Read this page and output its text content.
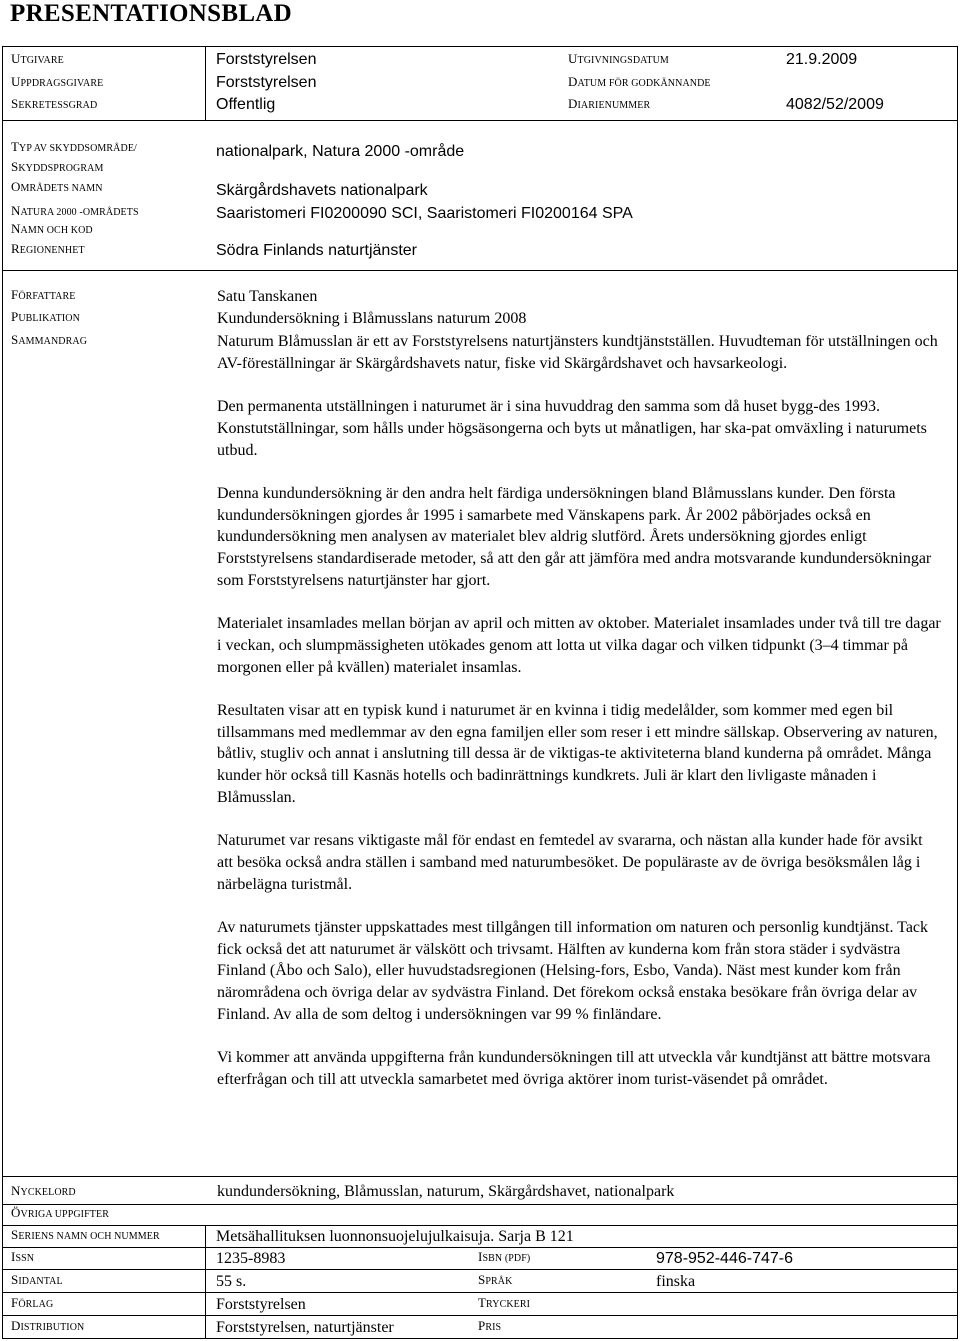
PRESENTATIONSBLAD
UTGIVARE	Forststyrelsen	UTGIVNINGSDATUM	21.9.2009
UPPDRAGSGIVARE	Forststyrelsen	DATUM FÖR GODKÄNNANDE
SEKRETESSGRAD	Offentlig	DIARIENUMMER	4082/52/2009
TYP AV SKYDDSOMRÅDE/
SKYDDSPROGRAM
nationalpark, Natura 2000 -område
OMRÅDETS NAMN	Skärgårdshavets nationalpark
NATURA 2000 -OMRÅDETS
NAMN OCH KOD
Saaristomeri FI0200090 SCI, Saaristomeri FI0200164 SPA
REGIONENHET	Södra Finlands naturtjänster
FÖRFATTARE	Satu Tanskanen
PUBLIKATION	Kundundersökning i Blåmusslans naturum 2008
SAMMANDRAG	Naturum Blåmusslan är ett av Forststyrelsens naturtjänsters kundtjänstställen. Huvudteman för utställningen och AV-föreställningar är Skärgårdshavets natur, fiske vid Skärgårdshavet och havsarkeologi.

Den permanenta utställningen i naturumet är i sina huvuddrag den samma som då huset bygg-des 1993. Konstutställningar, som hålls under högsäsongerna och byts ut månatligen, har ska-pat omväxling i naturumets utbud.

Denna kundundersökning är den andra helt färdiga undersökningen bland Blåmusslans kunder. Den första kundundersökningen gjordes år 1995 i samarbete med Vänskapens park. År 2002 påbörjades också en kundundersökning men analysen av materialet blev aldrig slutförd. Årets undersökning gjordes enligt Forststyrelsens standardiserade metoder, så att den går att jämföra med andra motsvarande kundundersökningar som Forststyrelsens naturtjänster har gjort.

Materialet insamlades mellan början av april och mitten av oktober. Materialet insamlades under två till tre dagar i veckan, och slumpmässigheten utökades genom att lotta ut vilka dagar och vilken tidpunkt (3–4 timmar på morgonen eller på kvällen) materialet insamlas.

Resultaten visar att en typisk kund i naturumet är en kvinna i tidig medelålder, som kommer med egen bil tillsammans med medlemmar av den egna familjen eller som reser i ett mindre sällskap. Observering av naturen, båtliv, stugliv och annat i anslutning till dessa är de viktigas-te aktiviteterna bland kunderna på området. Många kunder hör också till Kasnäs hotells och badinrättnings kundkrets. Juli är klart den livligaste månaden i Blåmusslan.

Naturumet var resans viktigaste mål för endast en femtedel av svararna, och nästan alla kunder hade för avsikt att besöka också andra ställen i samband med naturumbesöket. De populäraste av de övriga besöksmålen låg i närbelägna turistmål.

Av naturumets tjänster uppskattades mest tillgången till information om naturen och personlig kundtjänst. Tack fick också det att naturumet är välskött och trivsamt. Hälften av kunderna kom från stora städer i sydvästra Finland (Åbo och Salo), eller huvudstadsregionen (Helsing-fors, Esbo, Vanda). Näst mest kunder kom från närområdena och övriga delar av sydvästra Finland. Det förekom också enstaka besökare från övriga delar av Finland. Av alla de som deltog i undersökningen var 99 % finländare.

Vi kommer att använda uppgifterna från kundundersökningen till att utveckla vår kundtjänst att bättre motsvara efterfrågan och till att utveckla samarbetet med övriga aktörer inom turist-väsendet på området.

NYCKELORD	kundundersökning, Blåmusslan, naturum, Skärgårdshavet, nationalpark
ÖVRIGA UPPGIFTER
SERIENS NAMN OCH NUMMER	Metsähallituksen luonnonsuojelujulkaisuja. Sarja B 121
ISSN	1235-8983	ISBN (PDF)	978-952-446-747-6
SIDANTAL	55 s.	SPRÅK	finska
FÖRLAG	Forststyrelsen	TRYCKERI
DISTRIBUTION	Forststyrelsen, naturtjänster	PRIS
